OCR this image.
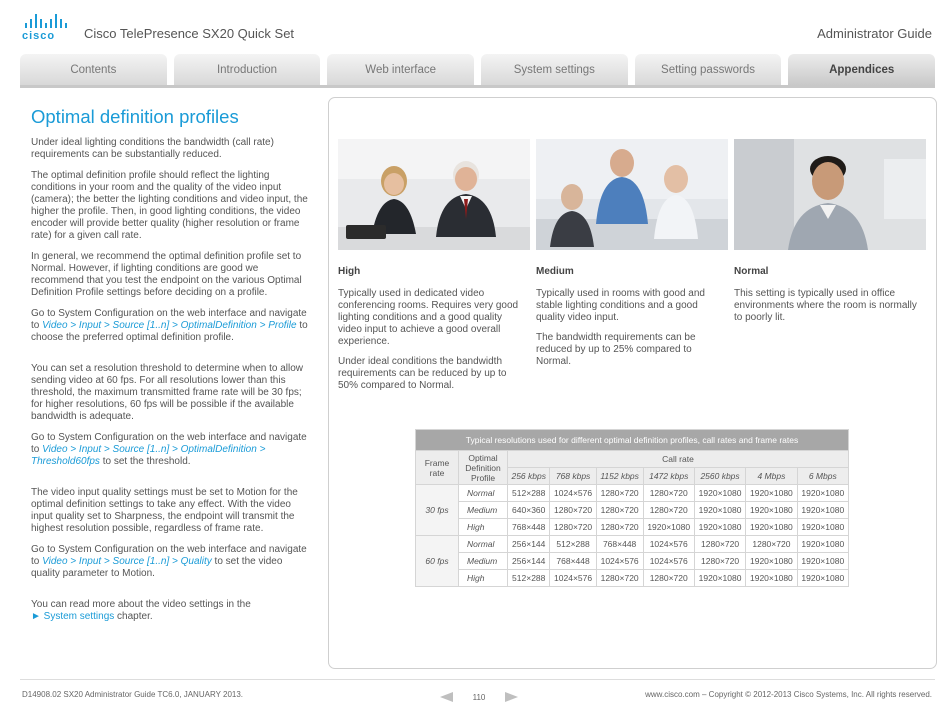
cisco	Cisco TelePresence SX20 Quick Set	Administrator Guide
Contents	Introduction	Web interface	System settings	Setting passwords	Appendices
Optimal definition profiles

Under ideal lighting conditions the bandwidth (call rate) requirements can be substantially reduced.

The optimal definition profile should reflect the lighting conditions in your room and the quality of the video input (camera); the better the lighting conditions and video input, the higher the profile. Then, in good lighting conditions, the video encoder will provide better quality (higher resolution or frame rate) for a given call rate.

In general, we recommend the optimal definition profile set to Normal. However, if lighting conditions are good we recommend that you test the endpoint on the various Optimal Definition Profile settings before deciding on a profile.

Go to System Configuration on the web interface and navigate to Video > Input > Source [1..n] > OptimalDefinition > Profile to choose the preferred optimal definition profile.

You can set a resolution threshold to determine when to allow sending video at 60 fps. For all resolutions lower than this threshold, the maximum transmitted frame rate will be 30 fps; for higher resolutions, 60 fps will be possible if the available bandwidth is adequate.

Go to System Configuration on the web interface and navigate to Video > Input > Source [1..n] > OptimalDefinition > Threshold60fps to set the threshold.

The video input quality settings must be set to Motion for the optimal definition settings to take any effect. With the video input quality set to Sharpness, the endpoint will transmit the highest resolution possible, regardless of frame rate.

Go to System Configuration on the web interface and navigate to Video > Input > Source [1..n] > Quality to set the video quality parameter to Motion.

You can read more about the video settings in the
► System settings chapter.

High

Typically used in dedicated video conferencing rooms. Requires very good lighting conditions and a good quality video input to achieve a good overall experience.

Under ideal conditions the bandwidth requirements can be reduced by up to 50% compared to Normal.

Medium

Typically used in rooms with good and stable lighting conditions and a good quality video input.

The bandwidth requirements can be reduced by up to 25% compared to Normal.

Normal

This setting is typically used in office environments where the room is normally to poorly lit.

Typical resolutions used for different optimal definition profiles, call rates and frame rates								
Frame rate	Optimal Definition Profile	Call rate						
		256 kbps	768 kbps	1152 kbps	1472 kbps	2560 kbps	4 Mbps	6 Mbps
30 fps	Normal	512×288	1024×576	1280×720	1280×720	1920×1080	1920×1080	1920×1080
	Medium	640×360	1280×720	1280×720	1280×720	1920×1080	1920×1080	1920×1080
	High	768×448	1280×720	1280×720	1920×1080	1920×1080	1920×1080	1920×1080
60 fps	Normal	256×144	512×288	768×448	1024×576	1280×720	1280×720	1920×1080
	Medium	256×144	768×448	1024×576	1024×576	1280×720	1920×1080	1920×1080
	High	512×288	1024×576	1280×720	1280×720	1920×1080	1920×1080	1920×1080
D14908.02 SX20 Administrator Guide TC6.0, JANUARY 2013.	110	www.cisco.com – Copyright © 2012-2013 Cisco Systems, Inc. All rights reserved.
